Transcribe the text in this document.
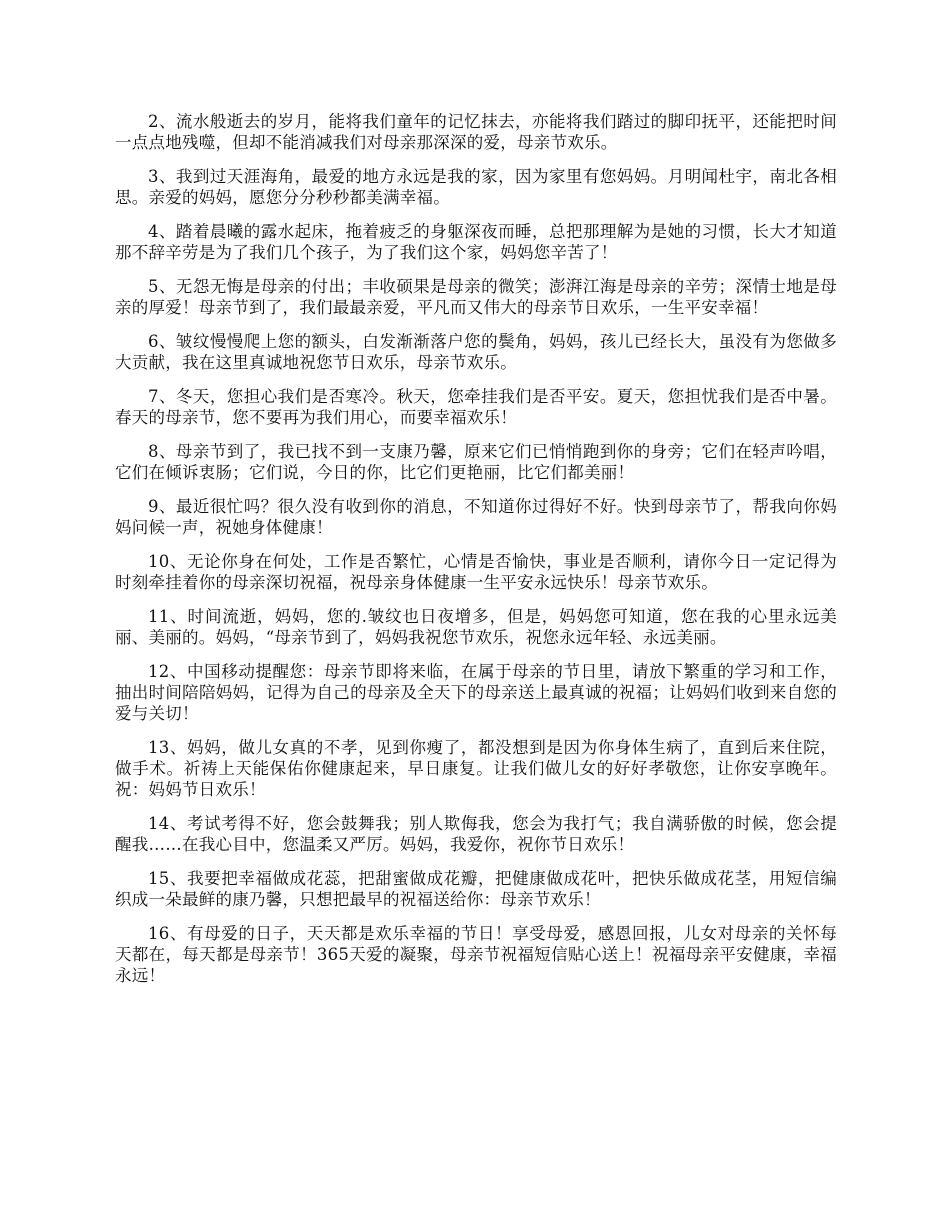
2、流水般逝去的岁月，能将我们童年的记忆抹去，亦能将我们踏过的脚印抚平，还能把时间一点点地残噬，但却不能消减我们对母亲那深深的爱，母亲节欢乐。

3、我到过天涯海角，最爱的地方永远是我的家，因为家里有您妈妈。月明闻杜宇，南北各相思。亲爱的妈妈，愿您分分秒秒都美满幸福。

4、踏着晨曦的露水起床，拖着疲乏的身躯深夜而睡，总把那理解为是她的习惯，长大才知道那不辞辛劳是为了我们几个孩子，为了我们这个家，妈妈您辛苦了！

5、无怨无悔是母亲的付出；丰收硕果是母亲的微笑；澎湃江海是母亲的辛劳；深情士地是母亲的厚爱！母亲节到了，我们最最亲爱，平凡而又伟大的母亲节日欢乐，一生平安幸福！

6、皱纹慢慢爬上您的额头，白发渐渐落户您的鬓角，妈妈，孩儿已经长大，虽没有为您做多大贡献，我在这里真诚地祝您节日欢乐，母亲节欢乐。

7、冬天，您担心我们是否寒冷。秋天，您牵挂我们是否平安。夏天，您担忧我们是否中暑。春天的母亲节，您不要再为我们用心，而要幸福欢乐！

8、母亲节到了，我已找不到一支康乃馨，原来它们已悄悄跑到你的身旁；它们在轻声吟唱，它们在倾诉衷肠；它们说，今日的你，比它们更艳丽，比它们都美丽！

9、最近很忙吗？很久没有收到你的消息，不知道你过得好不好。快到母亲节了，帮我向你妈妈问候一声，祝她身体健康！

10、无论你身在何处，工作是否繁忙，心情是否愉快，事业是否顺利，请你今日一定记得为时刻牵挂着你的母亲深切祝福，祝母亲身体健康一生平安永远快乐！母亲节欢乐。

11、时间流逝，妈妈，您的.皱纹也日夜增多，但是，妈妈您可知道，您在我的心里永远美丽、美丽的。妈妈，“母亲节到了，妈妈我祝您节欢乐，祝您永远年轻、永远美丽。

12、中国移动提醒您：母亲节即将来临，在属于母亲的节日里，请放下繁重的学习和工作，抽出时间陪陪妈妈，记得为自己的母亲及全天下的母亲送上最真诚的祝福；让妈妈们收到来自您的爱与关切！

13、妈妈，做儿女真的不孝，见到你瘦了，都没想到是因为你身体生病了，直到后来住院，做手术。祈祷上天能保佑你健康起来，早日康复。让我们做儿女的好好孝敬您，让你安享晚年。祝：妈妈节日欢乐！

14、考试考得不好，您会鼓舞我；别人欺侮我，您会为我打气；我自满骄傲的时候，您会提醒我……在我心目中，您温柔又严厉。妈妈，我爱你，祝你节日欢乐！

15、我要把幸福做成花蕊，把甜蜜做成花瓣，把健康做成花叶，把快乐做成花茎，用短信编织成一朵最鲜的康乃馨，只想把最早的祝福送给你：母亲节欢乐！

16、有母爱的日子，天天都是欢乐幸福的节日！享受母爱，感恩回报，儿女对母亲的关怀每天都在，每天都是母亲节！365天爱的凝聚，母亲节祝福短信贴心送上！祝福母亲平安健康，幸福永远！
